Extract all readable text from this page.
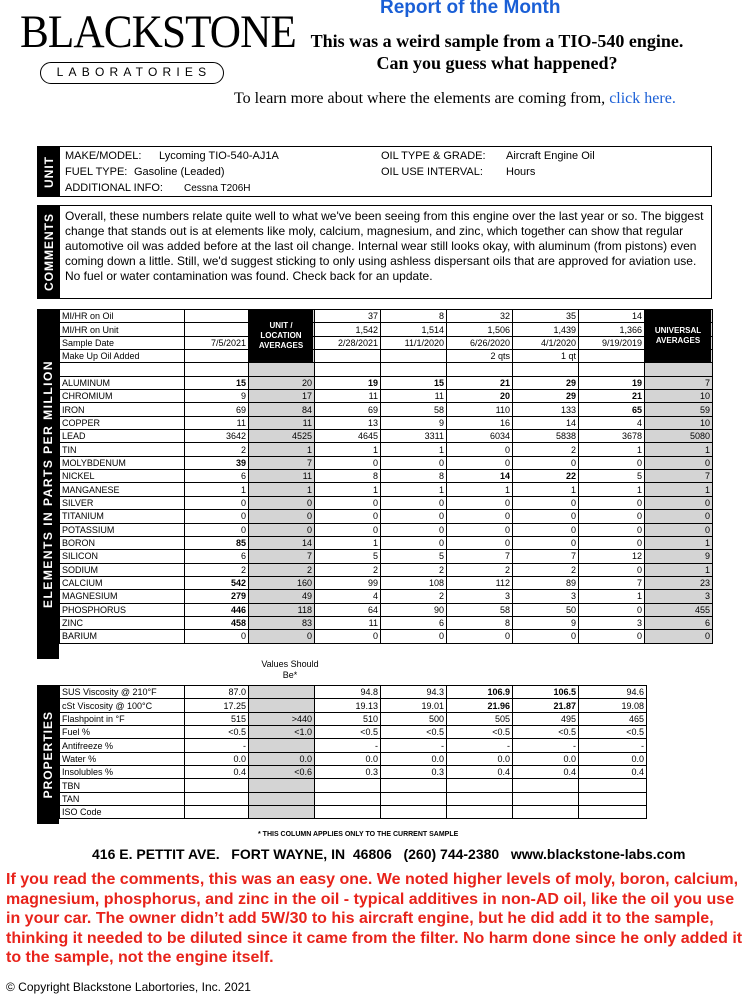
BLACKSTONE
LABORATORIES
Report of the Month
This was a weird sample from a TIO-540 engine.
Can you guess what happened?
To learn more about where the elements are coming from, click here.
UNIT MAKE/MODEL: Lycoming TIO-540-AJ1A
FUEL TYPE: Gasoline (Leaded)
ADDITIONAL INFO: Cessna T206H
OIL TYPE & GRADE: Aircraft Engine Oil
OIL USE INTERVAL: Hours
COMMENTS Overall, these numbers relate quite well to what we've been seeing from this engine over the last year or so. The biggest change that stands out is at elements like moly, calcium, magnesium, and zinc, which together can show that regular automotive oil was added before at the last oil change. Internal wear still looks okay, with aluminum (from pistons) even coming down a little. Still, we'd suggest sticking to only using ashless dispersant oils that are approved for aviation use. No fuel or water contamination was found. Check back for an update.
ELEMENTS IN PARTS PER MILLION
MI/HR on Oil			37	8	32	35	14	
MI/HR on Unit			1,542	1,514	1,506	1,439	1,366	
Sample Date	7/5/2021		2/28/2021	11/1/2020	6/26/2020	4/1/2020	9/19/2019	
Make Up Oil Added					2 qts	1 qt		

ALUMINUM	15	20	19	15	21	29	19	7
CHROMIUM	9	17	11	11	20	29	21	10
IRON	69	84	69	58	110	133	65	59
COPPER	11	11	13	9	16	14	4	10
LEAD	3642	4525	4645	3311	6034	5838	3678	5080
TIN	2	1	1	1	0	2	1	1
MOLYBDENUM	39	7	0	0	0	0	0	0
NICKEL	6	11	8	8	14	22	5	7
MANGANESE	1	1	1	1	1	1	1	1
SILVER	0	0	0	0	0	0	0	0
TITANIUM	0	0	0	0	0	0	0	0
POTASSIUM	0	0	0	0	0	0	0	0
BORON	85	14	1	0	0	0	0	1
SILICON	6	7	5	5	7	7	12	9
SODIUM	2	2	2	2	2	2	0	1
CALCIUM	542	160	99	108	112	89	7	23
MAGNESIUM	279	49	4	2	3	3	1	3
PHOSPHORUS	446	118	64	90	58	50	0	455
ZINC	458	83	11	6	8	9	3	6
BARIUM	0	0	0	0	0	0	0	0
UNIT / LOCATION AVERAGES
UNIVERSAL AVERAGES
Values Should Be*
PROPERTIES
SUS Viscosity @ 210°F	87.0		94.8	94.3	106.9	106.5	94.6
cSt Viscosity @ 100°C	17.25		19.13	19.01	21.96	21.87	19.08
Flashpoint in °F	515	>440	510	500	505	495	465
Fuel %	<0.5	<1.0	<0.5	<0.5	<0.5	<0.5	<0.5
Antifreeze %	-		-	-	-	-	-
Water %	0.0	0.0	0.0	0.0	0.0	0.0	0.0
Insolubles %	0.4	<0.6	0.3	0.3	0.4	0.4	0.4
TBN							
TAN							
ISO Code							
* THIS COLUMN APPLIES ONLY TO THE CURRENT SAMPLE
416 E. PETTIT AVE.   FORT WAYNE, IN  46806   (260) 744-2380   www.blackstone-labs.com
If you read the comments, this was an easy one. We noted higher levels of moly, boron, calcium, magnesium, phosphorus, and zinc in the oil - typical additives in non-AD oil, like the oil you use in your car. The owner didn’t add 5W/30 to his aircraft engine, but he did add it to the sample, thinking it needed to be diluted since it came from the filter. No harm done since he only added it to the sample, not the engine itself.
© Copyright Blackstone Labortories, Inc. 2021
